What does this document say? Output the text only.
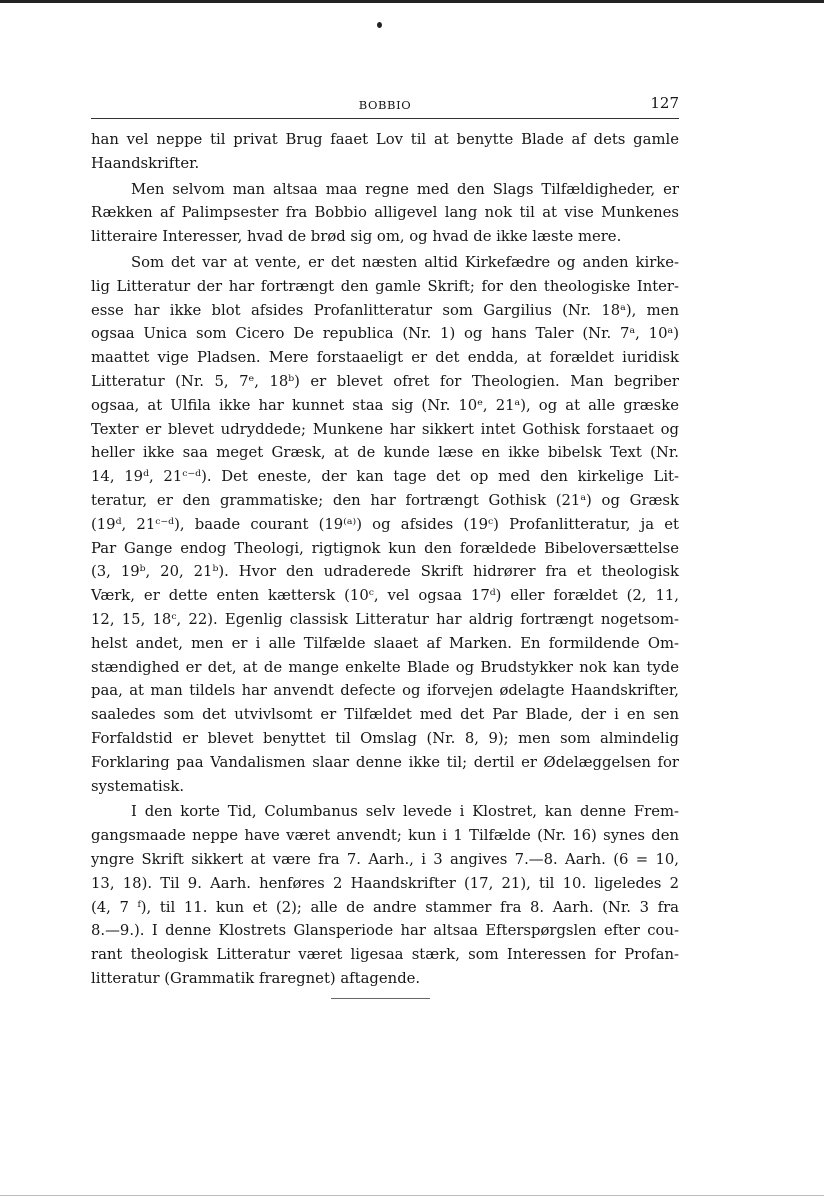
BOBBIO	127
han vel neppe til privat Brug faaet Lov til at benytte Blade af dets gamle
Haandskrifter.
Men selvom man altsaa maa regne med den Slags Tilfældigheder, er
Rækken af Palimpsester fra Bobbio alligevel lang nok til at vise Munkenes
litteraire Interesser, hvad de brød sig om, og hvad de ikke læste mere.
Som det var at vente, er det næsten altid Kirkefædre og anden kirke-
lig Litteratur der har fortrængt den gamle Skrift; for den theologiske Inter-
esse har ikke blot afsides Profanlitteratur som Gargilius (Nr. 18ᵃ), men
ogsaa Unica som Cicero De republica (Nr. 1) og hans Taler (Nr. 7ᵃ, 10ᵃ)
maattet vige Pladsen. Mere forstaaeligt er det endda, at forældet iuridisk
Litteratur (Nr. 5, 7ᵉ, 18ᵇ) er blevet ofret for Theologien. Man begriber
ogsaa, at Ulfila ikke har kunnet staa sig (Nr. 10ᵉ, 21ᵃ), og at alle græske
Texter er blevet udryddede; Munkene har sikkert intet Gothisk forstaaet og
heller ikke saa meget Græsk, at de kunde læse en ikke bibelsk Text (Nr.
14, 19ᵈ, 21ᶜ⁻ᵈ). Det eneste, der kan tage det op med den kirkelige Lit-
teratur, er den grammatiske; den har fortrængt Gothisk (21ᵃ) og Græsk
(19ᵈ, 21ᶜ⁻ᵈ), baade courant (19⁽ᵃ⁾) og afsides (19ᶜ) Profanlitteratur, ja et
Par Gange endog Theologi, rigtignok kun den forældede Bibeloversættelse
(3, 19ᵇ, 20, 21ᵇ). Hvor den udraderede Skrift hidrører fra et theologisk
Værk, er dette enten kættersk (10ᶜ, vel ogsaa 17ᵈ) eller forældet (2, 11,
12, 15, 18ᶜ, 22). Egenlig classisk Litteratur har aldrig fortrængt nogetsom-
helst andet, men er i alle Tilfælde slaaet af Marken. En formildende Om-
stændighed er det, at de mange enkelte Blade og Brudstykker nok kan tyde
paa, at man tildels har anvendt defecte og iforvejen ødelagte Haandskrifter,
saaledes som det utvivlsomt er Tilfældet med det Par Blade, der i en sen
Forfaldstid er blevet benyttet til Omslag (Nr. 8, 9); men som almindelig
Forklaring paa Vandalismen slaar denne ikke til; dertil er Ødelæggelsen for
systematisk.
I den korte Tid, Columbanus selv levede i Klostret, kan denne Frem-
gangsmaade neppe have været anvendt; kun i 1 Tilfælde (Nr. 16) synes den
yngre Skrift sikkert at være fra 7. Aarh., i 3 angives 7.—8. Aarh. (6 = 10,
13, 18). Til 9. Aarh. henføres 2 Haandskrifter (17, 21), til 10. ligeledes 2
(4, 7 ᶠ), til 11. kun et (2); alle de andre stammer fra 8. Aarh. (Nr. 3 fra
8.—9.). I denne Klostrets Glansperiode har altsaa Efterspørgslen efter cou-
rant theologisk Litteratur været ligesaa stærk, som Interessen for Profan-
litteratur (Grammatik fraregnet) aftagende.
